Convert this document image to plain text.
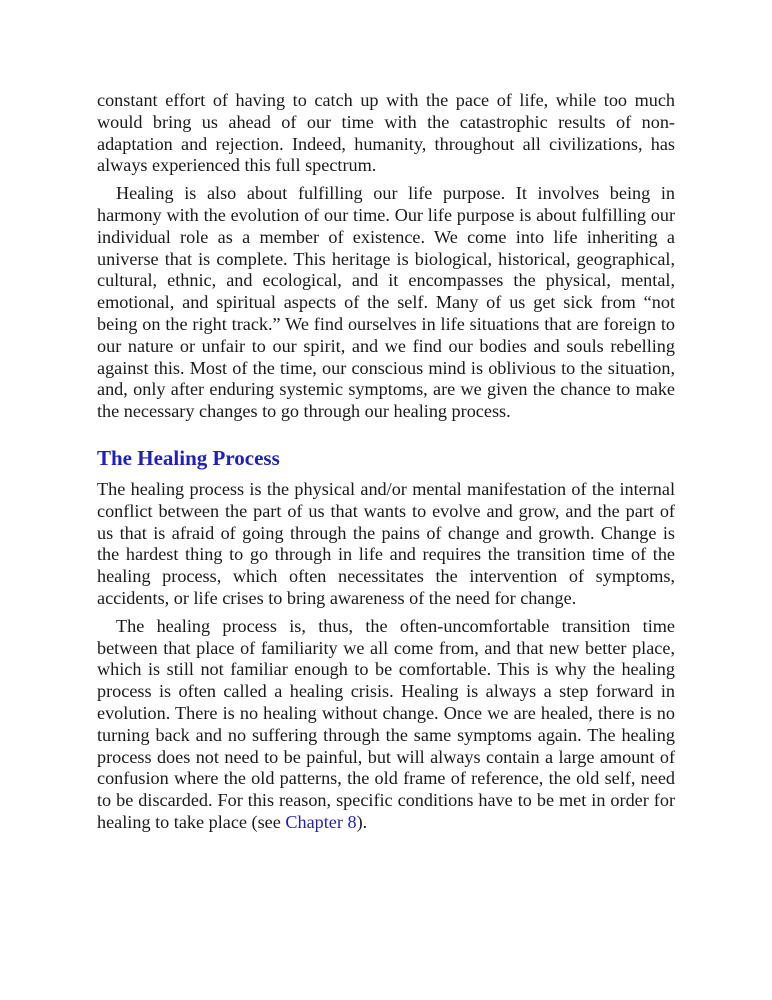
constant effort of having to catch up with the pace of life, while too much would bring us ahead of our time with the catastrophic results of non-adaptation and rejection. Indeed, humanity, throughout all civilizations, has always experienced this full spectrum.

Healing is also about fulfilling our life purpose. It involves being in harmony with the evolution of our time. Our life purpose is about fulfilling our individual role as a member of existence. We come into life inheriting a universe that is complete. This heritage is biological, historical, geographical, cultural, ethnic, and ecological, and it encompasses the physical, mental, emotional, and spiritual aspects of the self. Many of us get sick from “not being on the right track.” We find ourselves in life situations that are foreign to our nature or unfair to our spirit, and we find our bodies and souls rebelling against this. Most of the time, our conscious mind is oblivious to the situation, and, only after enduring systemic symptoms, are we given the chance to make the necessary changes to go through our healing process.

The Healing Process

The healing process is the physical and/or mental manifestation of the internal conflict between the part of us that wants to evolve and grow, and the part of us that is afraid of going through the pains of change and growth. Change is the hardest thing to go through in life and requires the transition time of the healing process, which often necessitates the intervention of symptoms, accidents, or life crises to bring awareness of the need for change.

The healing process is, thus, the often-uncomfortable transition time between that place of familiarity we all come from, and that new better place, which is still not familiar enough to be comfortable. This is why the healing process is often called a healing crisis. Healing is always a step forward in evolution. There is no healing without change. Once we are healed, there is no turning back and no suffering through the same symptoms again. The healing process does not need to be painful, but will always contain a large amount of confusion where the old patterns, the old frame of reference, the old self, need to be discarded. For this reason, specific conditions have to be met in order for healing to take place (see Chapter 8).
